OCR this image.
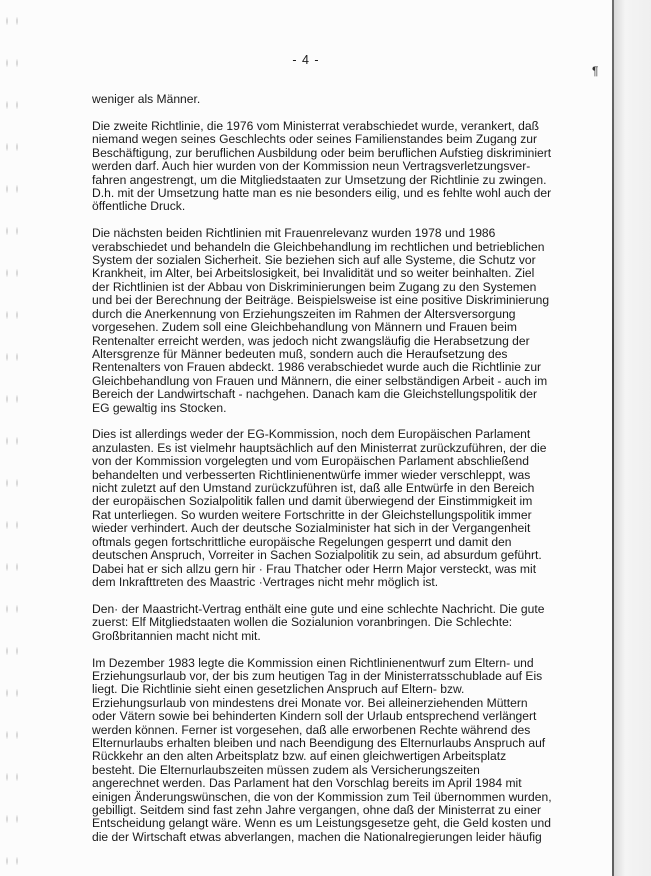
¶
- 4 -

weniger als Männer.

Die zweite Richtlinie, die 1976 vom Ministerrat verabschiedet wurde, verankert, daß
niemand wegen seines Geschlechts oder seines Familienstandes beim Zugang zur
Beschäftigung, zur beruflichen Ausbildung oder beim beruflichen Aufstieg diskriminiert
werden darf. Auch hier wurden von der Kommission neun Vertragsverletzungsver-
fahren angestrengt, um die Mitgliedstaaten zur Umsetzung der Richtlinie zu zwingen.
D.h. mit der Umsetzung hatte man es nie besonders eilig, und es fehlte wohl auch der
öffentliche Druck.

Die nächsten beiden Richtlinien mit Frauenrelevanz wurden 1978 und 1986
verabschiedet und behandeln die Gleichbehandlung im rechtlichen und betrieblichen
System der sozialen Sicherheit. Sie beziehen sich auf alle Systeme, die Schutz vor
Krankheit, im Alter, bei Arbeitslosigkeit, bei Invalidität und so weiter beinhalten. Ziel
der Richtlinien ist der Abbau von Diskriminierungen beim Zugang zu den Systemen
und bei der Berechnung der Beiträge. Beispielsweise ist eine positive Diskriminierung
durch die Anerkennung von Erziehungszeiten im Rahmen der Altersversorgung
vorgesehen. Zudem soll eine Gleichbehandlung von Männern und Frauen beim
Rentenalter erreicht werden, was jedoch nicht zwangsläufig die Herabsetzung der
Altersgrenze für Männer bedeuten muß, sondern auch die Heraufsetzung des
Rentenalters von Frauen abdeckt. 1986 verabschiedet wurde auch die Richtlinie zur
Gleichbehandlung von Frauen und Männern, die einer selbständigen Arbeit - auch im
Bereich der Landwirtschaft - nachgehen. Danach kam die Gleichstellungspolitik der
EG gewaltig ins Stocken.

Dies ist allerdings weder der EG-Kommission, noch dem Europäischen Parlament
anzulasten. Es ist vielmehr hauptsächlich auf den Ministerrat zurückzuführen, der die
von der Kommission vorgelegten und vom Europäischen Parlament abschließend
behandelten und verbesserten Richtlinienentwürfe immer wieder verschleppt, was
nicht zuletzt auf den Umstand zurückzuführen ist, daß alle Entwürfe in den Bereich
der europäischen Sozialpolitik fallen und damit überwiegend der Einstimmigkeit im
Rat unterliegen. So wurden weitere Fortschritte in der Gleichstellungspolitik immer
wieder verhindert. Auch der deutsche Sozialminister hat sich in der Vergangenheit
oftmals gegen fortschrittliche europäische Regelungen gesperrt und damit den
deutschen Anspruch, Vorreiter in Sachen Sozialpolitik zu sein, ad absurdum geführt.
Dabei hat er sich allzu gern hir · Frau Thatcher oder Herrn Major versteckt, was mit
dem Inkrafttreten des Maastric ·Vertrages nicht mehr möglich ist.

Den· der Maastricht-Vertrag enthält eine gute und eine schlechte Nachricht. Die gute
zuerst: Elf Mitgliedstaaten wollen die Sozialunion voranbringen. Die Schlechte:
Großbritannien macht nicht mit.

Im Dezember 1983 legte die Kommission einen Richtlinienentwurf zum Eltern- und
Erziehungsurlaub vor, der bis zum heutigen Tag in der Ministerratsschublade auf Eis
liegt. Die Richtlinie sieht einen gesetzlichen Anspruch auf Eltern- bzw.
Erziehungsurlaub von mindestens drei Monate vor. Bei alleinerziehenden Müttern
oder Vätern sowie bei behinderten Kindern soll der Urlaub entsprechend verlängert
werden können. Ferner ist vorgesehen, daß alle erworbenen Rechte während des
Elternurlaubs erhalten bleiben und nach Beendigung des Elternurlaubs Anspruch auf
Rückkehr an den alten Arbeitsplatz bzw. auf einen gleichwertigen Arbeitsplatz
besteht. Die Elternurlaubszeiten müssen zudem als Versicherungszeiten
angerechnet werden. Das Parlament hat den Vorschlag bereits im April 1984 mit
einigen Änderungswünschen, die von der Kommission zum Teil übernommen wurden,
gebilligt. Seitdem sind fast zehn Jahre vergangen, ohne daß der Ministerrat zu einer
Entscheidung gelangt wäre. Wenn es um Leistungsgesetze geht, die Geld kosten und
die der Wirtschaft etwas abverlangen, machen die Nationalregierungen leider häufig
